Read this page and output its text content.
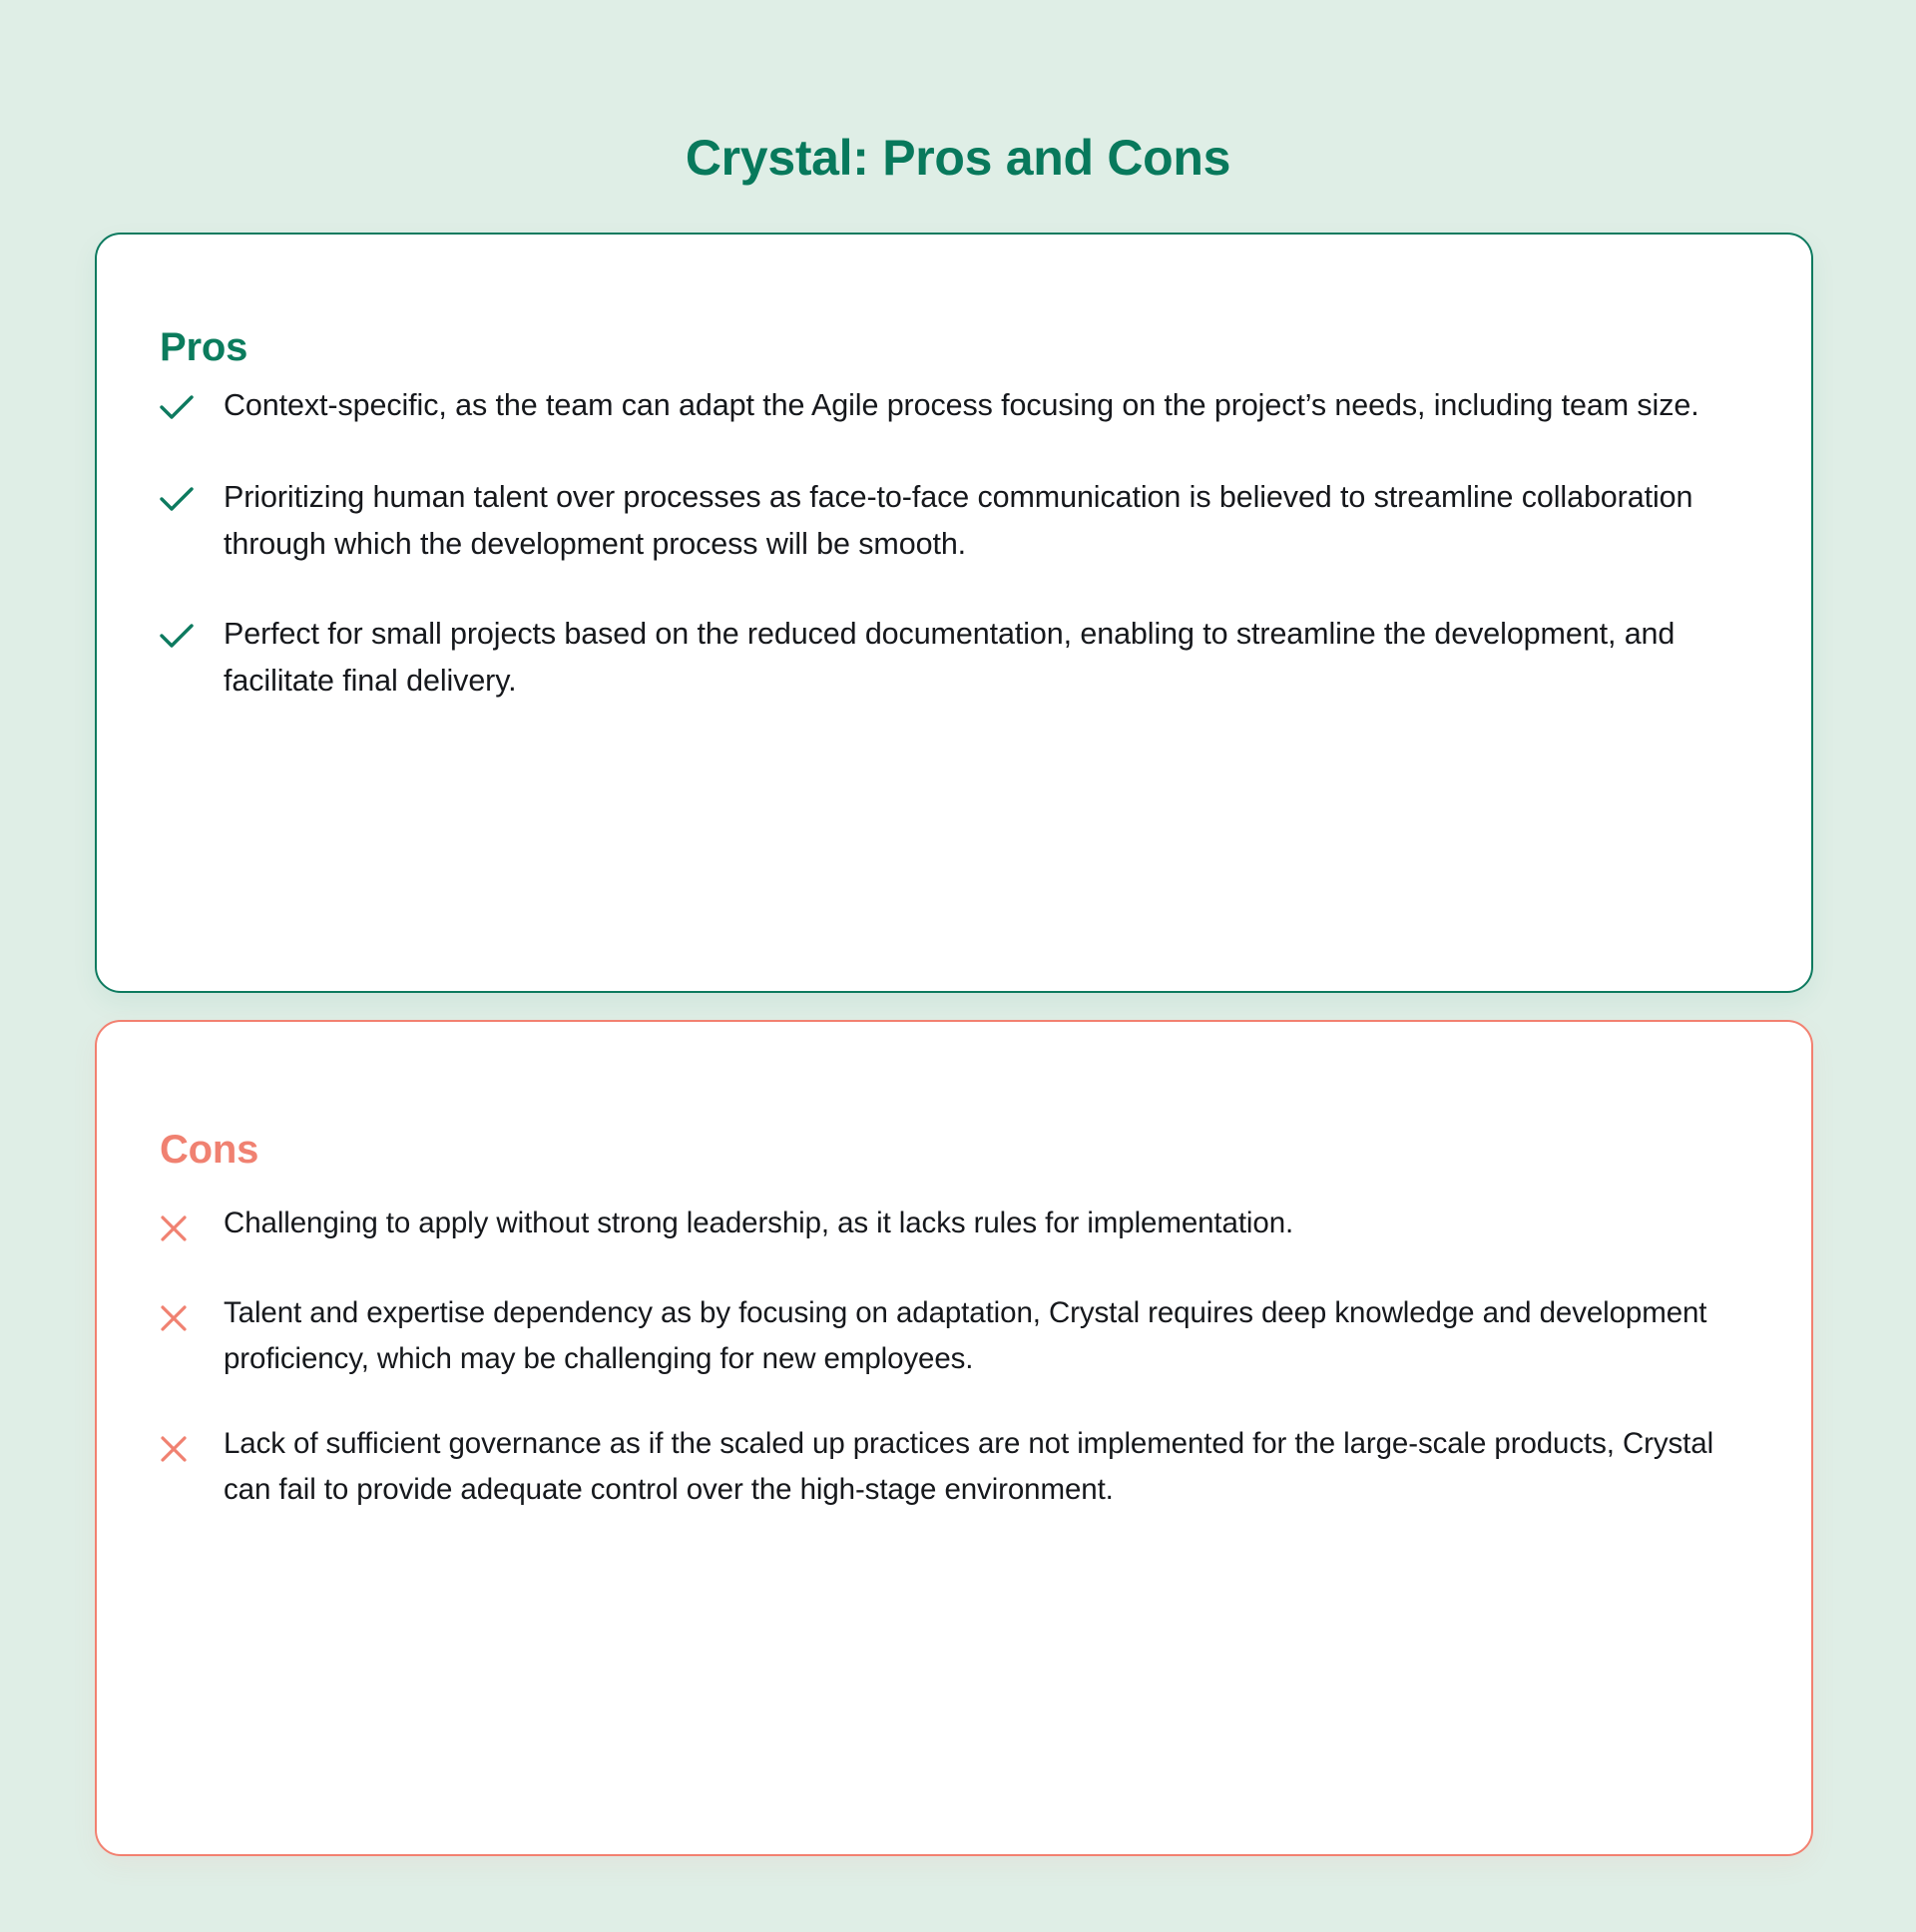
Crystal: Pros and Cons
Pros
Context-specific, as the team can adapt the Agile process focusing on the project’s needs, including team size.
Prioritizing human talent over processes as face-to-face communication is believed to streamline collaboration through which the development process will be smooth.
Perfect for small projects based on the reduced documentation, enabling to streamline the development, and facilitate final delivery.
Cons
Challenging to apply without strong leadership, as it lacks rules for implementation.
Talent and expertise dependency as by focusing on adaptation, Crystal requires deep knowledge and development proficiency, which may be challenging for new employees.
Lack of sufficient governance as if the scaled up practices are not implemented for the large-scale products, Crystal can fail to provide adequate control over the high-stage environment.
